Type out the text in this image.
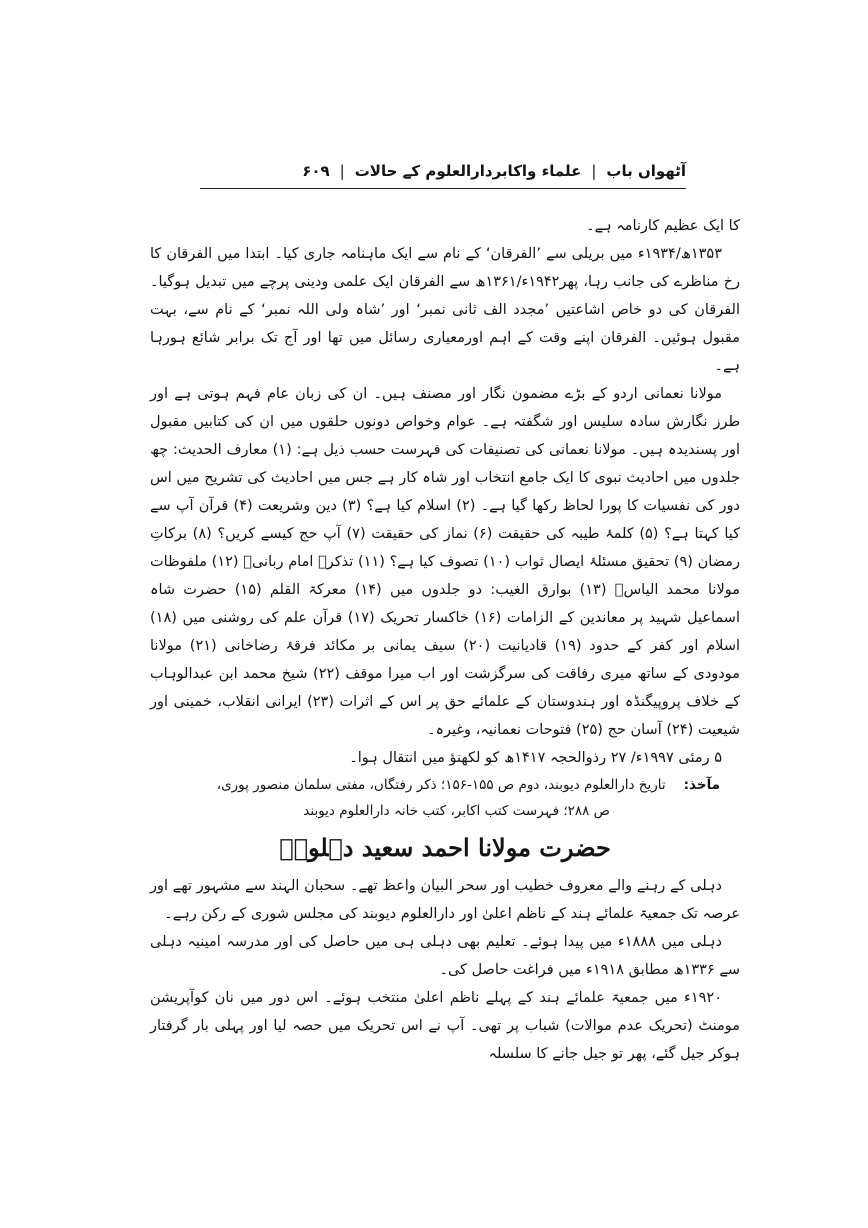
آٹھواں باب
|
علماء واکابردارالعلوم کے حالات
|
۶۰۹

کا ایک عظیم کارنامہ ہے۔

۱۳۵۳ھ/۱۹۳۴ء میں بریلی سے ’الفرقان‘ کے نام سے ایک ماہنامہ جاری کیا۔ ابتدا میں الفرقان کا رخ مناظرے کی جانب رہا، پھر۱۹۴۲ء/۱۳۶۱ھ سے الفرقان ایک علمی ودینی پرچے میں تبدیل ہوگیا۔ الفرقان کی دو خاص اشاعتیں ’مجدد الف ثانی نمبر‘ اور ’شاہ ولی اللہ نمبر‘ کے نام سے، بہت مقبول ہوئیں۔ الفرقان اپنے وقت کے اہم اورمعیاری رسائل میں تھا اور آج تک برابر شائع ہورہا ہے۔

مولانا نعمانی اردو کے بڑے مضمون نگار اور مصنف ہیں۔ ان کی زبان عام فہم ہوتی ہے اور طرز نگارش سادہ سلیس اور شگفتہ ہے۔ عوام وخواص دونوں حلقوں میں ان کی کتابیں مقبول اور پسندیدہ ہیں۔ مولانا نعمانی کی تصنیفات کی فہرست حسب ذیل ہے: (۱) معارف الحدیث: چھ جلدوں میں احادیث نبوی کا ایک جامع انتخاب اور شاہ کار ہے جس میں احادیث کی تشریح میں اس دور کی نفسیات کا پورا لحاظ رکھا گیا ہے۔ (۲) اسلام کیا ہے؟ (۳) دین وشریعت (۴) قرآن آپ سے کیا کہتا ہے؟ (۵) کلمۂ طیبہ کی حقیقت (۶) نماز کی حقیقت (۷) آپ حج کیسے کریں؟ (۸) برکاتِ رمضان (۹) تحقیق مسئلۂ ایصال ثواب (۱۰) تصوف کیا ہے؟ (۱۱) تذکرۂ امام ربانیؒ (۱۲) ملفوظات مولانا محمد الیاسؒ (۱۳) بوارق الغیب: دو جلدوں میں (۱۴) معرکۃ القلم (۱۵) حضرت شاہ اسماعیل شہید پر معاندین کے الزامات (۱۶) خاکسار تحریک (۱۷) قرآن علم کی روشنی میں (۱۸) اسلام اور کفر کے حدود (۱۹) قادیانیت (۲۰) سیف یمانی بر مکائد فرقۂ رضاخانی (۲۱) مولانا مودودی کے ساتھ میری رفاقت کی سرگزشت اور اب میرا موقف (۲۲) شیخ محمد ابن عبدالوہاب کے خلاف پروپیگنڈہ اور ہندوستان کے علمائے حق پر اس کے اثرات (۲۳) ایرانی انقلاب، خمینی اور شیعیت (۲۴) آسان حج (۲۵) فتوحات نعمانیہ، وغیرہ۔

۵ رمئی ۱۹۹۷ء/ ۲۷ رذوالحجہ ۱۴۱۷ھ کو لکھنؤ میں انتقال ہوا۔

مآخذ:
تاریخ دارالعلوم دیوبند، دوم ص ۱۵۵-۱۵۶؛ ذکر رفتگاں، مفتی سلمان منصور پوری،

ص ۲۸۸؛ فہرست کتب اکابر، کتب خانہ دارالعلوم دیوبند

حضرت مولانا احمد سعید دہلویؒ

دہلی کے رہنے والے معروف خطیب اور سحر البیان واعظ تھے۔ سحبان الہند سے مشہور تھے اور عرصہ تک جمعیۃ علمائے ہند کے ناظم اعلیٰ اور دارالعلوم دیوبند کی مجلس شوری کے رکن رہے۔

دہلی میں ۱۸۸۸ء میں پیدا ہوئے۔ تعلیم بھی دہلی ہی میں حاصل کی اور مدرسہ امینیہ دہلی سے ۱۳۳۶ھ مطابق ۱۹۱۸ء میں فراغت حاصل کی۔

۱۹۲۰ء میں جمعیۃ علمائے ہند کے پہلے ناظم اعلیٰ منتخب ہوئے۔ اس دور میں نان کوآپریشن مومنٹ (تحریک عدم موالات) شباب پر تھی۔ آپ نے اس تحریک میں حصہ لیا اور پہلی بار گرفتار ہوکر جیل گئے، پھر تو جیل جانے کا سلسلہ
